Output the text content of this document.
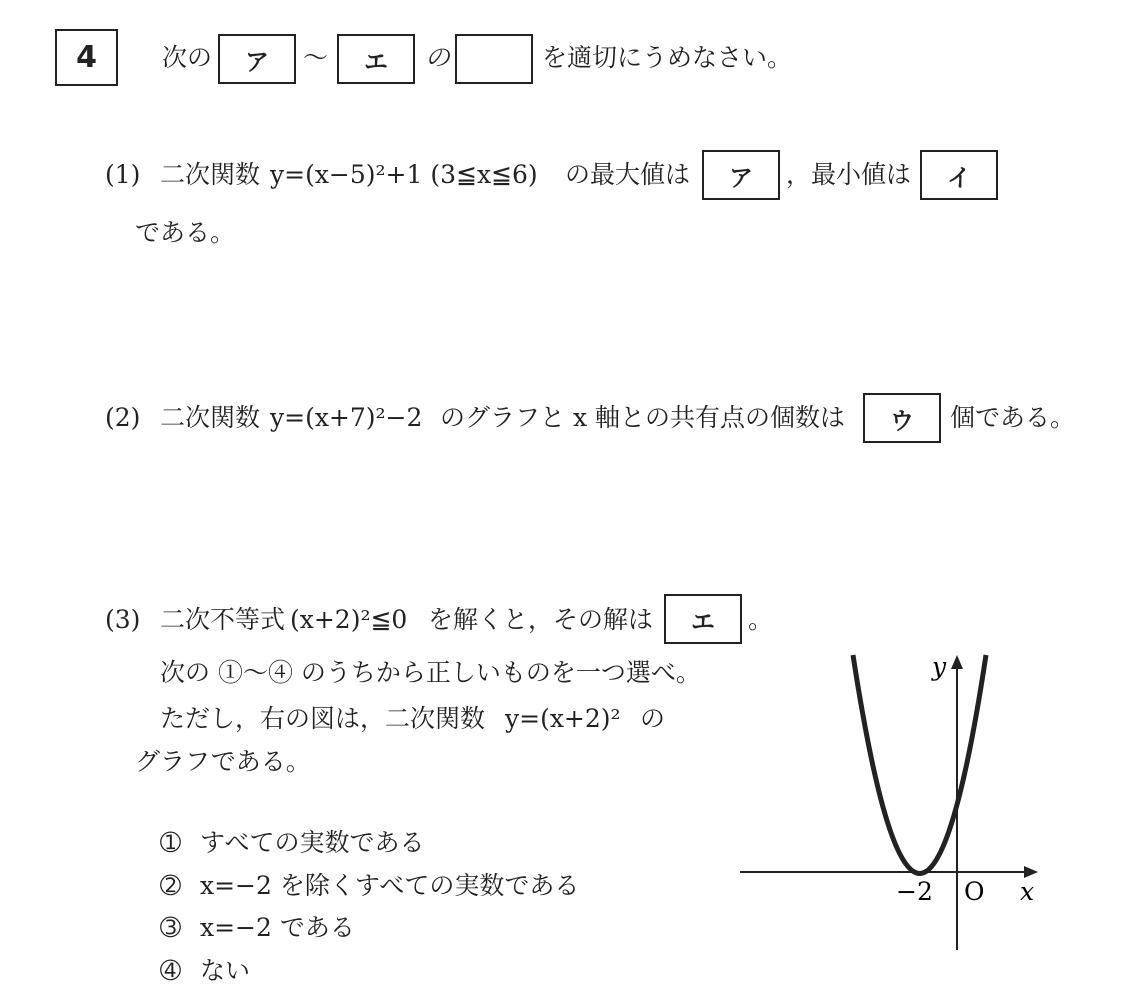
4	次の ア ～ エ の	を適切にうめなさい。
(1) 二次関数 y=(x−5)²+1 (3≦x≦6) の最大値は ア ，最小値は イ
である。
(2) 二次関数 y=(x+7)²−2 のグラフと x 軸との共有点の個数は ウ 個である。
(3) 二次不等式 (x+2)²≦0 を解くと，その解は エ 。
次の ➀～➃ のうちから正しいものを一つ選べ。
ただし，右の図は，二次関数 y=(x+2)² の
グラフである。
➀ すべての実数である
➁ x=−2 を除くすべての実数である
➂ x=−2 である
➃ ない
y
x
O
−2
